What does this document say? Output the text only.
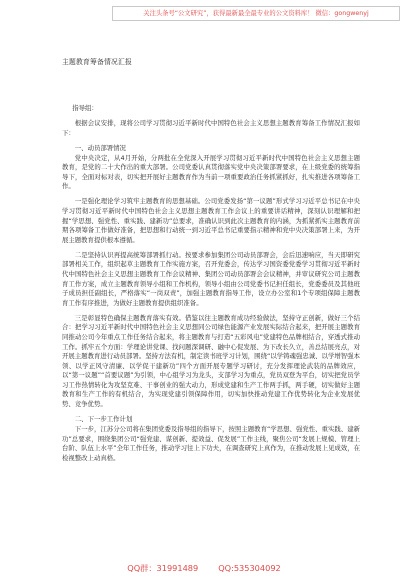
关注头条号“公文研究”，获得最新最全最专业的公文资料库！ 微信：gongwenyj
主题教育筹备情况汇报

指导组：

根据会议安排，现将公司学习贯彻习近平新时代中国特色社会主义思想主题教育筹备工作情况汇报如下：

一、动员部署情况

党中央决定，从4月开始，分两批在全党深入开展学习贯彻习近平新时代中国特色社会主义思想主题教育，是党的二十大作出的重大部署。公司党委认真贯彻落实党中央决策部署要求，在上级党委的统筹指导下，全面对标对表，切实把开展好主题教育作为当前一项重要政治任务抓紧抓好，扎实推进各项筹备工作。

一是强化理论学习筑牢主题教育的思想基础。公司党委发扬“第一议题”形式学习习近平总书记在中央学习贯彻习近平新时代中国特色社会主义思想主题教育工作会议上的重要讲话精神，深刻认识理解和把握“学思想、强党性、重实践、建新功”总要求，准确认识到此次主题教育的内涵，为抓紧抓实主题教育前期各项筹备工作做好准备，把思想和行动统一到习近平总书记重要指示精神和党中央决策部署上来，为开展主题教育提供根本遵循。

二是坚持认识再提高统筹部署抓行动。按要求参加集团公司动员部署会，会后迅速响应，当天即研究部署相关工作，组织起草主题教育工作实施方案，召开党委会，传达学习国资委党委学习贯彻习近平新时代中国特色社会主义思想主题教育工作会议精神、集团公司动员部署会会议精神，并审议研究公司主题教育工作方案，成立主题教育领导小组和工作机构，领导小组由公司党委书记担任组长，党委委员及其他班子成员担任副组长，严格落实“一岗双责”，加强主题教育指导工作，设立办公室和1个专项组保障主题教育工作有序推进，为做好主题教育提供组织准备。

三是彰显特色确保主题教育落实有效。借鉴以往主题教育成功经验做法，坚持守正创新，做好三个结合：把学习习近平新时代中国特色社会主义思想同公司绿色能源产业发展实际结合起来，把开展主题教育同推动公司今年重点工作任务结合起来，将主题教育与打造“五彩风电”党建特色品牌相结合，穿透式推动工作。抓牢五个方面：学理论讲党课、找问题深调研、融中心促发展、为下改长久立，善总结展亮点，对开展主题教育进行动员部署。坚持方法有机，制定读书班学习计划，围绕“以学铸魂强忠诚、以学增智强本领、以学正风守清廉、以学促干建新功”四个方面开展专题学习研讨，充分发挥理论武装的品牌效应，以“第一议题”“首要议题”为引领，中心组学习为龙头，支部学习为重点，党员双登为平台，切实把党员学习工作热情转化为攻坚克难、干事创业的强大动力，形成党建和生产工作两手抓，两手硬，切实做好主题教育和生产工作的有机结合，为实现党建引领保障作用，切实加快推动党建工作优势转化为企业发展优势、竞争优势。

二、下一步工作计划

下一步，江苏分公司将在集团党委及指导组的指导下，按照主题教育“学思想、强党性、重实践、建新功”总要求，围绕集团公司“强党建、谋创新、提效益、促发展”工作主线，聚焦公司“发展上规模、管理上台阶、队伍上水平”全年工作任务，推动学习往上下功夫，在调查研究上真作为，在推动发展上见成效，在检视整改上动真格。

QQ群：31991489 QQ:535304092
